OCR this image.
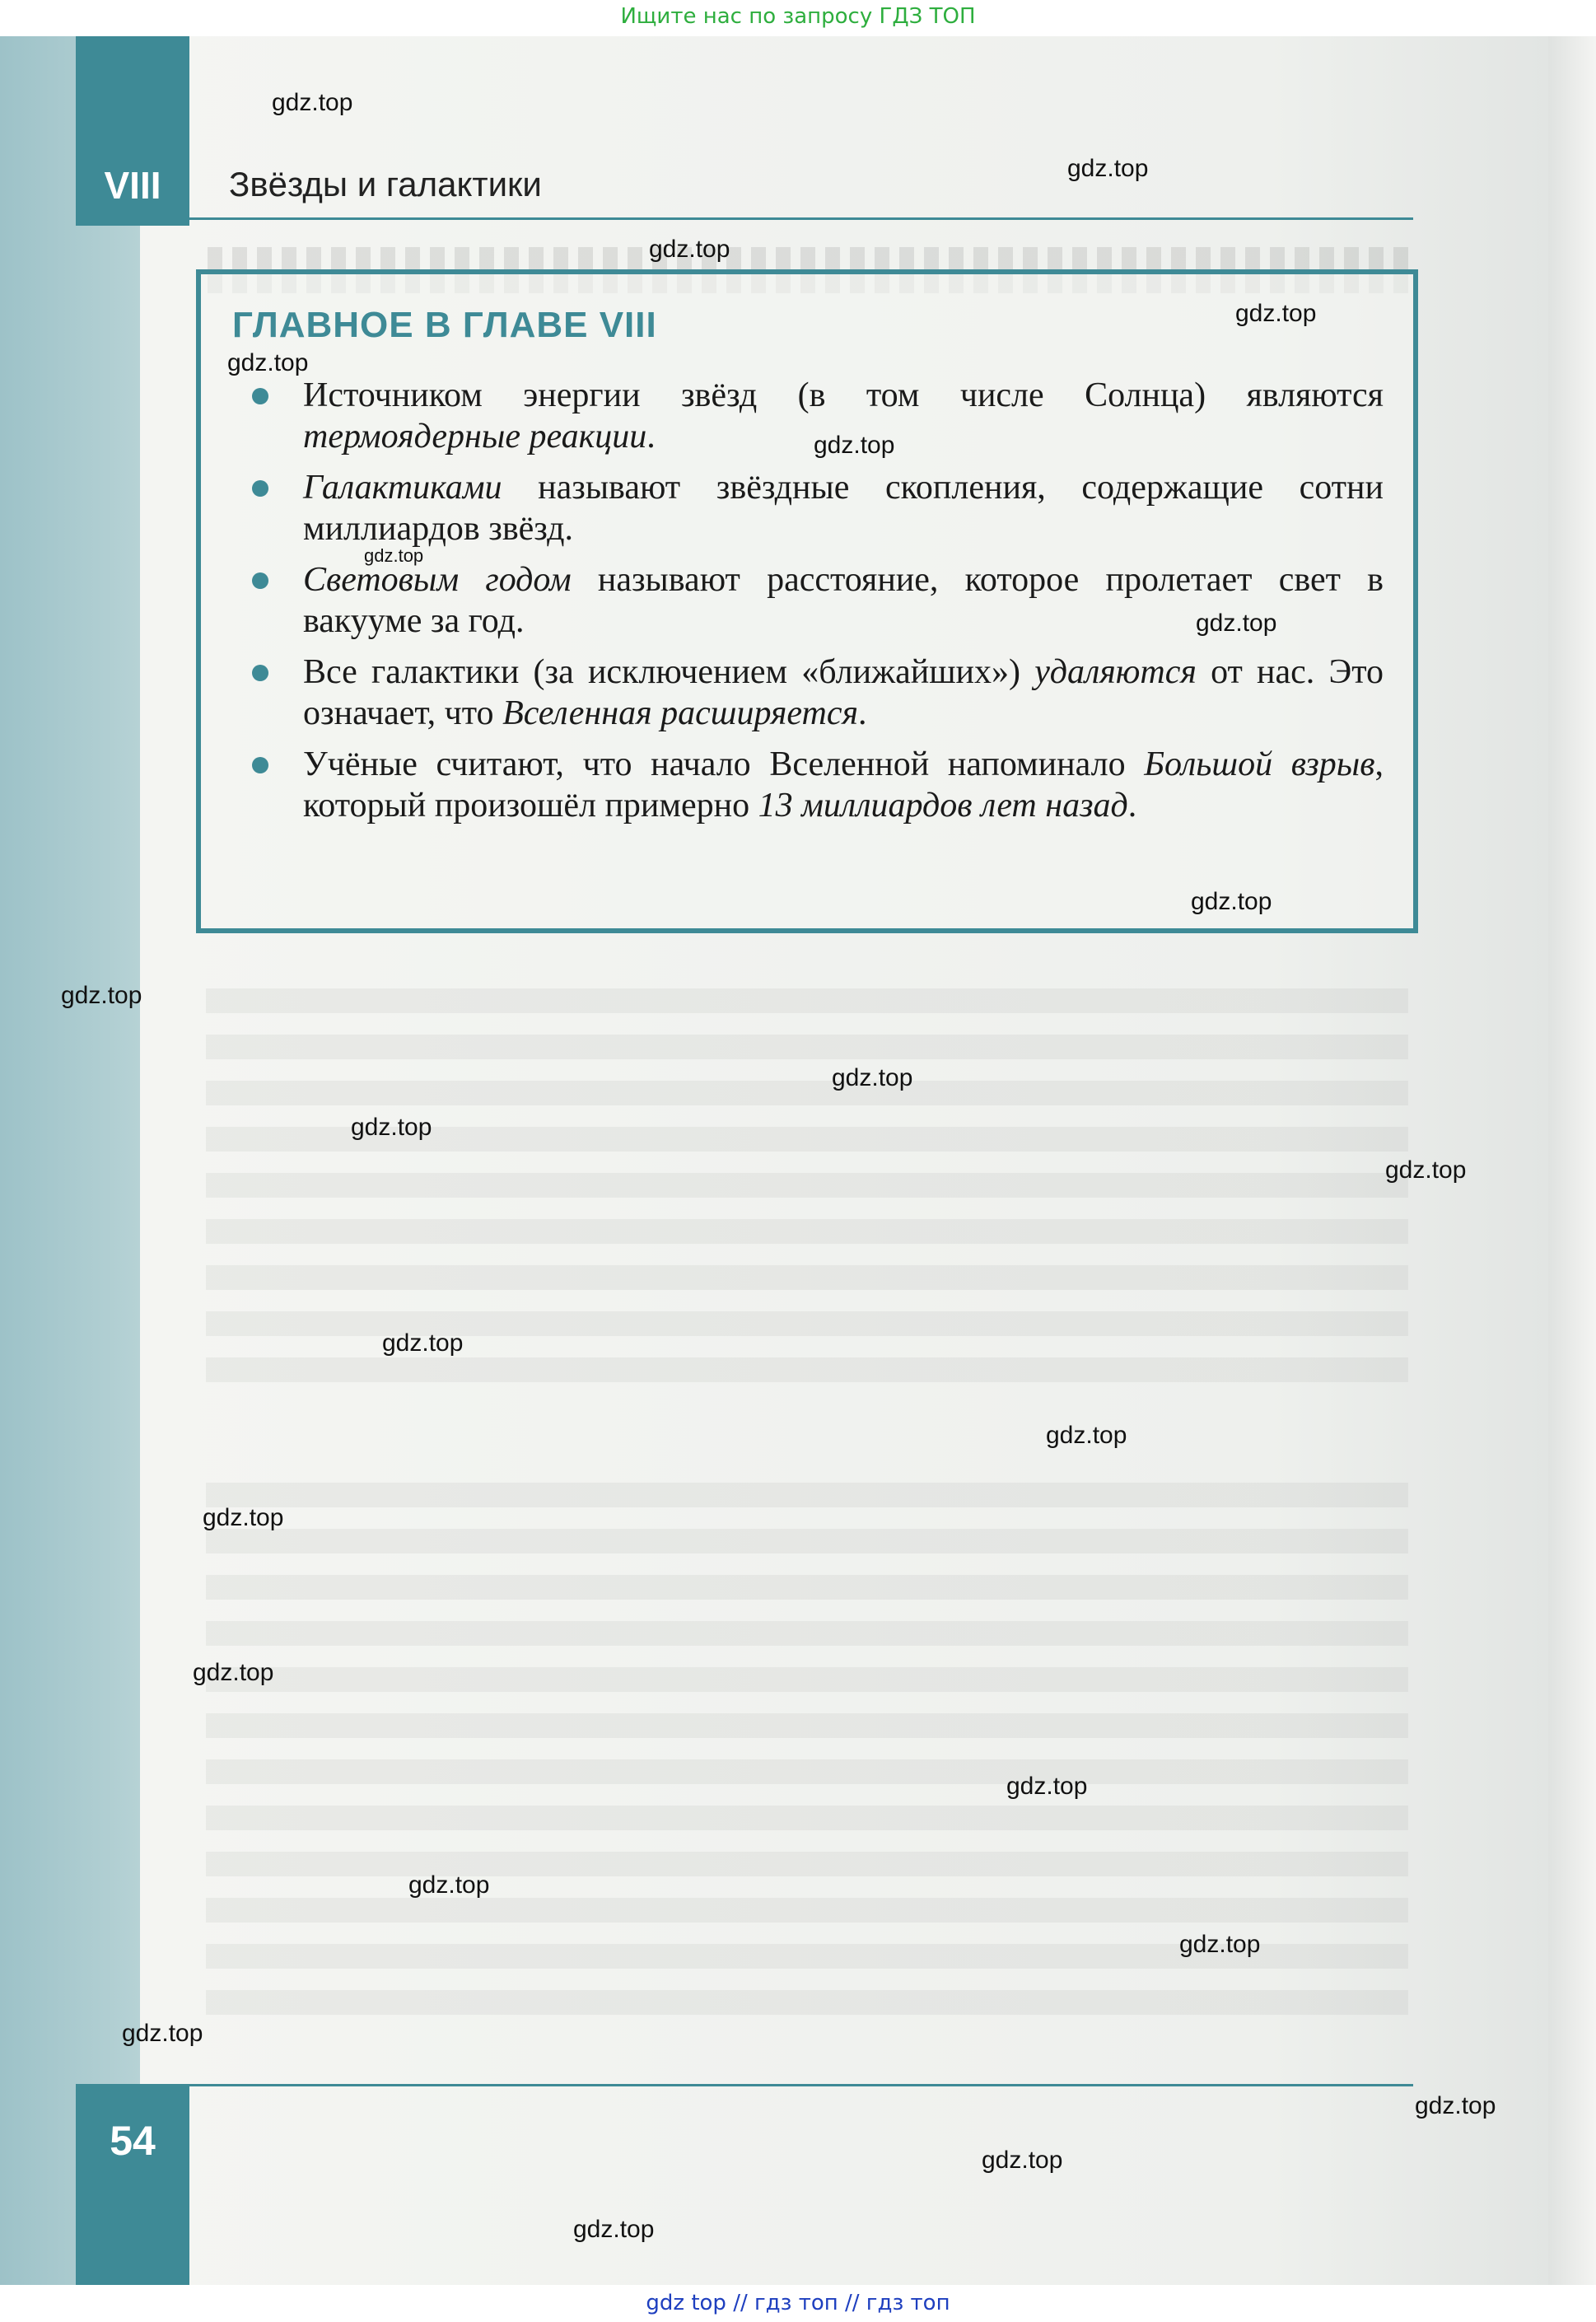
Ищите нас по запросу ГДЗ ТОП
VIII	Звёзды и галактики
ГЛАВНОЕ В ГЛАВЕ VIII
Источником энергии звёзд (в том числе Солнца) являются термоядерные реакции.
Галактиками называют звёздные скопления, содержащие сотни миллиардов звёзд.
Световым годом называют расстояние, которое пролетает свет в вакууме за год.
Все галактики (за исключением «ближайших») удаляются от нас. Это означает, что Вселенная расширяется.
Учёные считают, что начало Вселенной напоминало Большой взрыв, который произошёл примерно 13 миллиардов лет назад.
54
gdz.top
gdz.top
gdz.top
gdz.top
gdz.top
gdz.top
gdz.top
gdz.top
gdz.top
gdz.top
gdz.top
gdz.top
gdz.top
gdz.top
gdz.top
gdz.top
gdz.top
gdz.top
gdz.top
gdz.top
gdz.top
gdz.top
gdz.top
gdz.top
gdz top // гдз топ // гдз топ
